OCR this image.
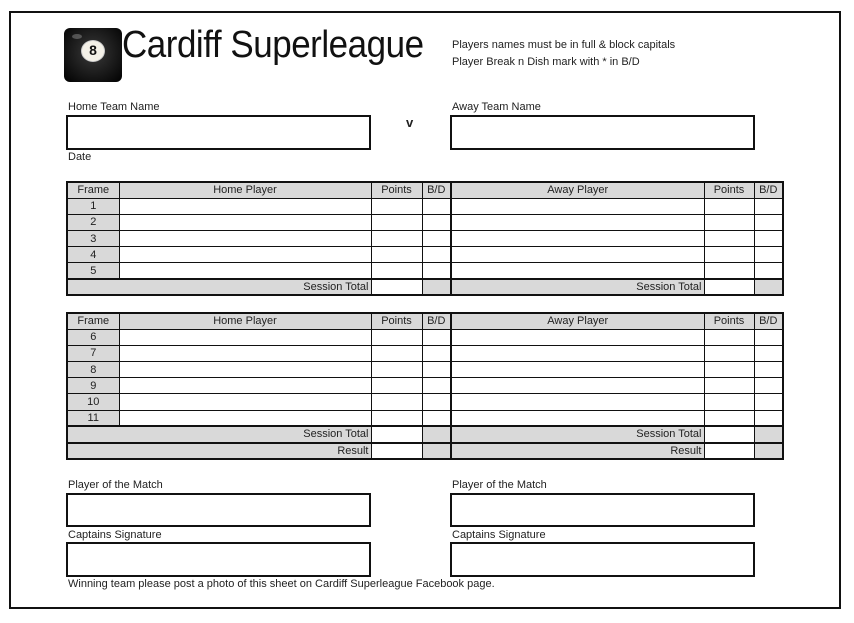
8 Cardiff Superleague	Players names must be in full & block capitals
Player Break n Dish mark with * in B/D
Home Team Name	Away Team Name
v
Date
Frame	Home Player	Points	B/D	Away Player	Points	B/D
1						
2						
3						
4						
5						
Session Total				Session Total		
Frame	Home Player	Points	B/D	Away Player	Points	B/D
6						
7						
8						
9						
10						
11						
Session Total				Session Total		
Result				Result		
Player of the Match	Player of the Match
Captains Signature	Captains Signature
Winning team please post a photo of this sheet on Cardiff Superleague Facebook page.
